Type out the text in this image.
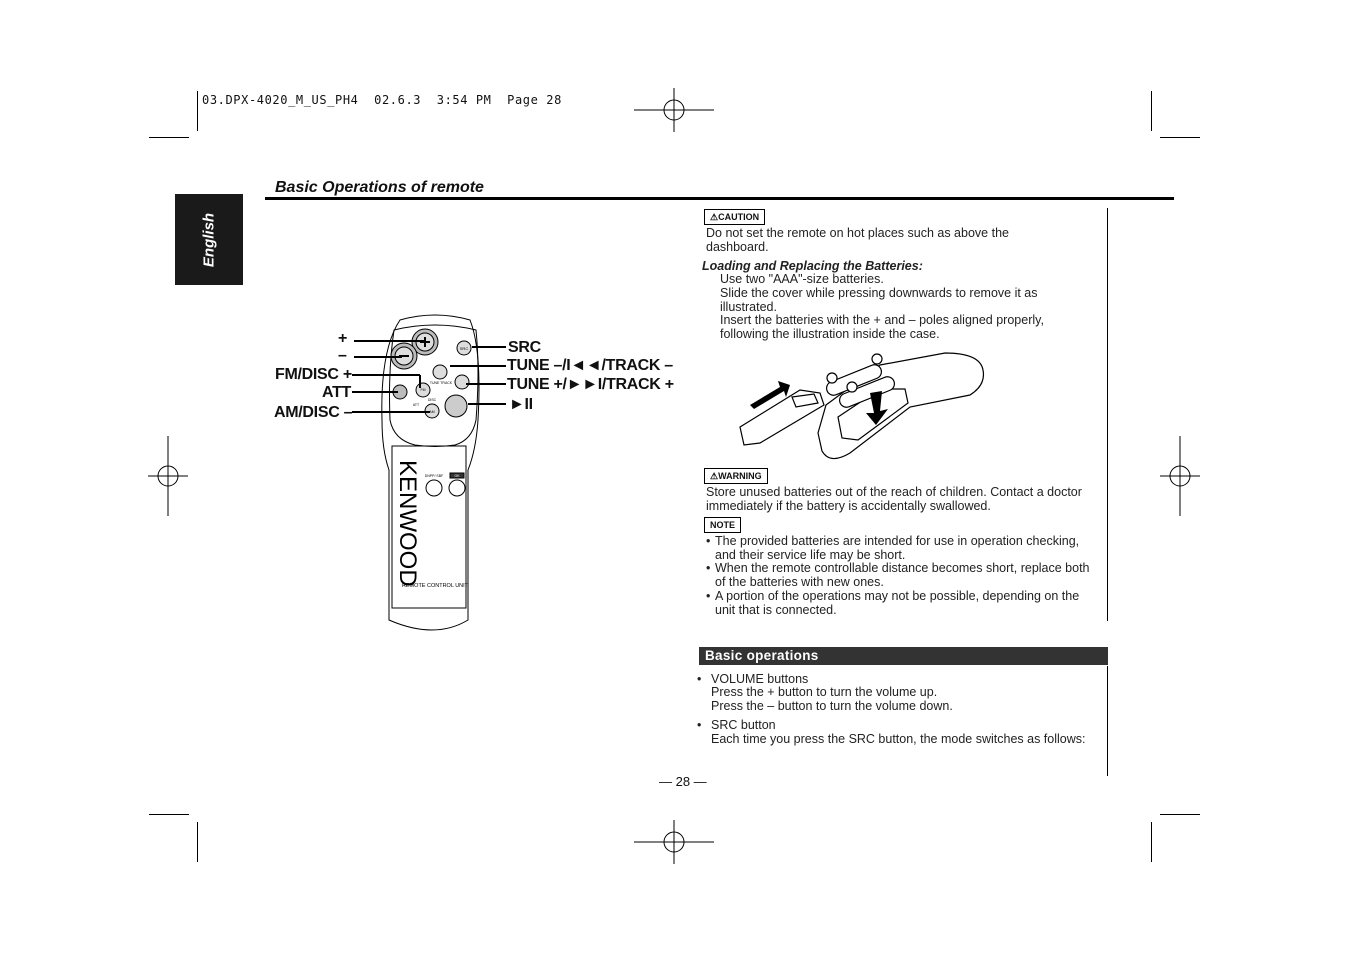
03.DPX-4020_M_US_PH4  02.6.3  3:54 PM  Page 28
English
Basic Operations of remote
SRC
TUNE TRACK
DISC
FM
AM
ATT
DNPP/ SBF	OK
KENWOOD
REMOTE CONTROL UNIT
+
–
FM/DISC +
ATT
AM/DISC –
SRC
TUNE –/I◄◄/TRACK –
TUNE +/►►I/TRACK +
►II
⚠CAUTION
Do not set the remote on hot places such as above the dashboard.
Loading and Replacing the Batteries:
Use two "AAA"-size batteries.
Slide the cover while pressing downwards to remove it as illustrated.
Insert the batteries with the + and – poles aligned properly, following the illustration inside the case.
⚠WARNING
Store unused batteries out of the reach of children. Contact a doctor immediately if the battery is accidentally swallowed.
NOTE
• The provided batteries are intended for use in operation checking, and their service life may be short.
• When the remote controllable distance becomes short, replace both of the batteries with new ones.
• A portion of the operations may not be possible, depending on the unit that is connected.
Basic operations
• VOLUME buttons
Press the + button to turn the volume up.
Press the – button to turn the volume down.
• SRC button
Each time you press the SRC button, the mode switches as follows:
— 28 —
